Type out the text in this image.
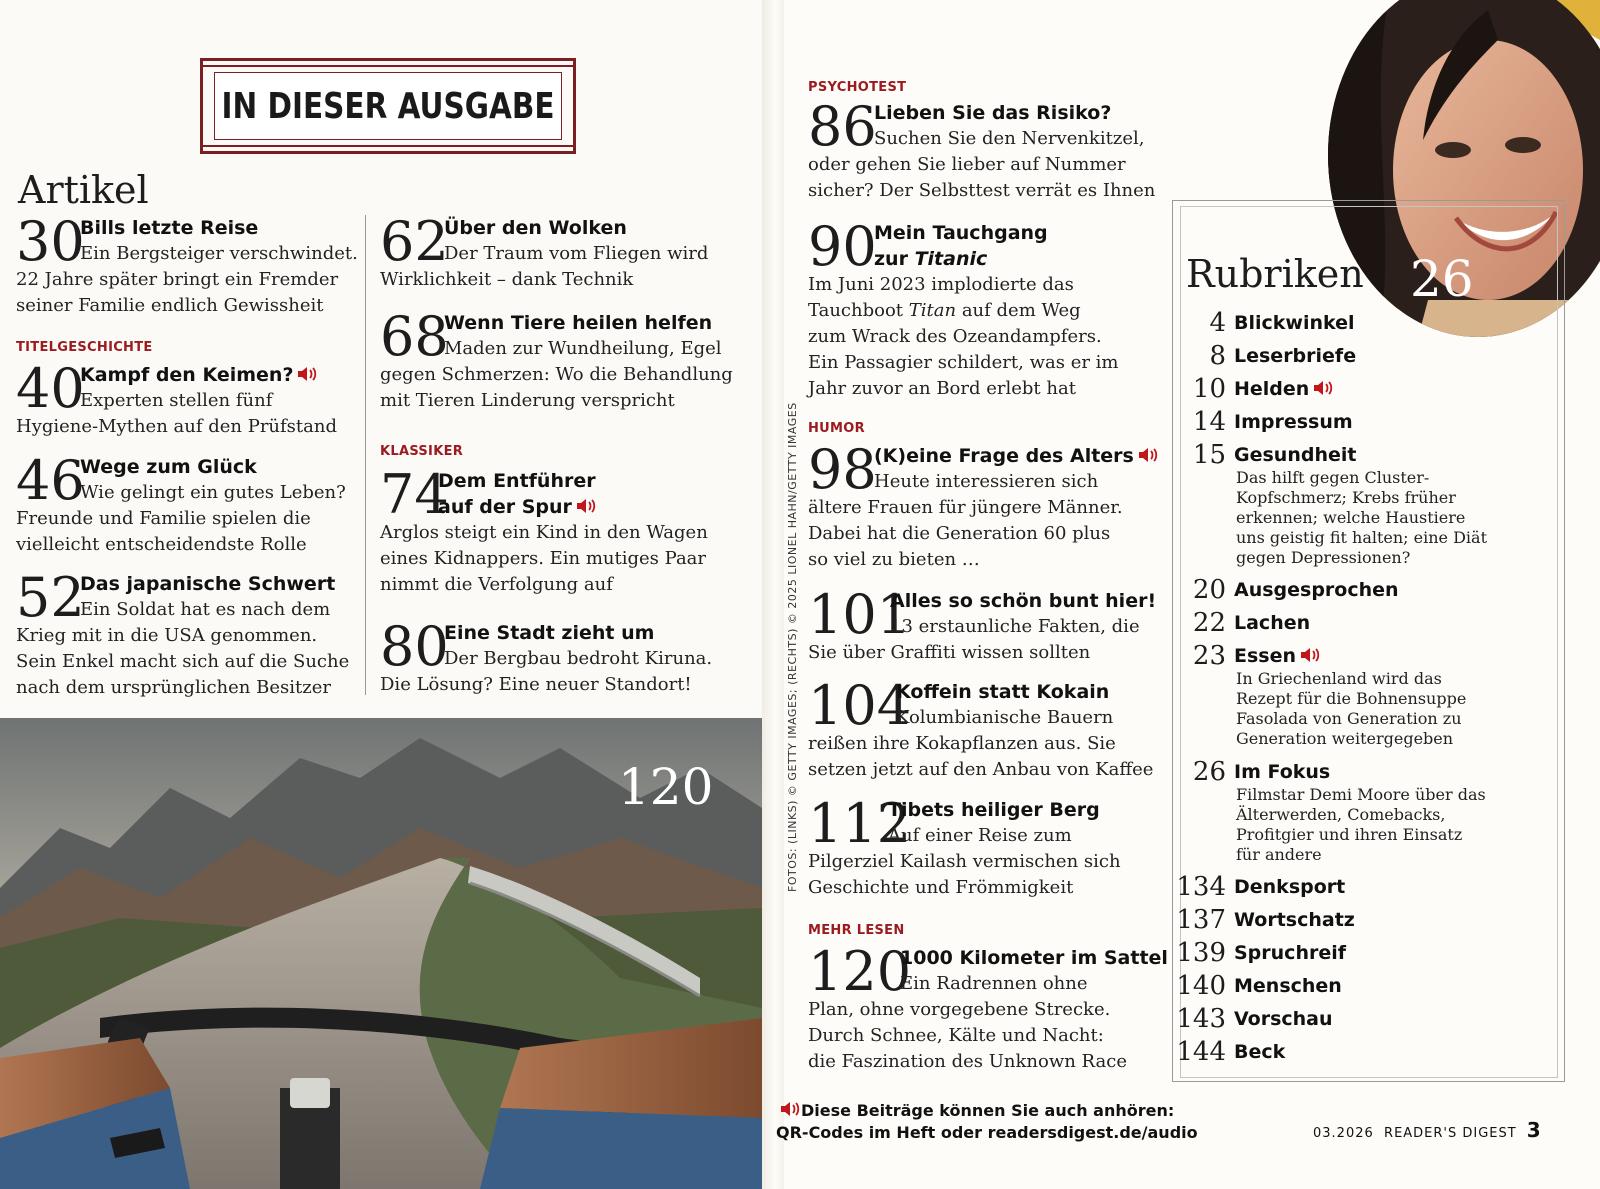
IN DIESER AUSGABE
Artikel
30
Bills letzte Reise
Ein Bergsteiger verschwindet.
22 Jahre später bringt ein Fremder
seiner Familie endlich Gewissheit
TITELGESCHICHTE
40
Kampf den Keimen?
Experten stellen fünf
Hygiene-Mythen auf den Prüfstand
46
Wege zum Glück
Wie gelingt ein gutes Leben?
Freunde und Familie spielen die
vielleicht entscheidendste Rolle
52
Das japanische Schwert
Ein Soldat hat es nach dem
Krieg mit in die USA genommen.
Sein Enkel macht sich auf die Suche
nach dem ursprünglichen Besitzer
62
Über den Wolken
Der Traum vom Fliegen wird
Wirklichkeit – dank Technik
68
Wenn Tiere heilen helfen
Maden zur Wundheilung, Egel
gegen Schmerzen: Wo die Behandlung
mit Tieren Linderung verspricht
KLASSIKER
74
Dem Entführer
auf der Spur
Arglos steigt ein Kind in den Wagen
eines Kidnappers. Ein mutiges Paar
nimmt die Verfolgung auf
80
Eine Stadt zieht um
Der Bergbau bedroht Kiruna.
Die Lösung? Eine neuer Standort!
PSYCHOTEST
86
Lieben Sie das Risiko?
Suchen Sie den Nervenkitzel,
oder gehen Sie lieber auf Nummer
sicher? Der Selbsttest verrät es Ihnen
90
Mein Tauchgang
zur Titanic
Im Juni 2023 implodierte das
Tauchboot Titan auf dem Weg
zum Wrack des Ozeandampfers.
Ein Passagier schildert, was er im
Jahr zuvor an Bord erlebt hat
HUMOR
98
(K)eine Frage des Alters
Heute interessieren sich
ältere Frauen für jüngere Männer.
Dabei hat die Generation 60 plus
so viel zu bieten …
101
Alles so schön bunt hier!
13 erstaunliche Fakten, die
Sie über Graffiti wissen sollten
104
Koffein statt Kokain
Kolumbianische Bauern
reißen ihre Kokapflanzen aus. Sie
setzen jetzt auf den Anbau von Kaffee
112
Tibets heiliger Berg
Auf einer Reise zum
Pilgerziel Kailash vermischen sich
Geschichte und Frömmigkeit
MEHR LESEN
120
1000 Kilometer im Sattel
Ein Radrennen ohne
Plan, ohne vorgegebene Strecke.
Durch Schnee, Kälte und Nacht:
die Faszination des Unknown Race
120	FOTOS: (LINKS) © GETTY IMAGES; (RECHTS) © 2025 LIONEL HAHN/GETTY IMAGES
26
Rubriken
4 Blickwinkel
8 Leserbriefe
10 Helden
14 Impressum
15 Gesundheit
Das hilft gegen Cluster-
Kopfschmerz; Krebs früher
erkennen; welche Haustiere
uns geistig fit halten; eine Diät
gegen Depressionen?
20 Ausgesprochen
22 Lachen
23 Essen
In Griechenland wird das
Rezept für die Bohnensuppe
Fasolada von Generation zu
Generation weitergegeben
26 Im Fokus
Filmstar Demi Moore über das
Älterwerden, Comebacks,
Profitgier und ihren Einsatz
für andere
134 Denksport
137 Wortschatz
139 Spruchreif
140 Menschen
143 Vorschau
144 Beck
Diese Beiträge können Sie auch anhören:
QR-Codes im Heft oder readersdigest.de/audio	03.2026 READER'S DIGEST 3
